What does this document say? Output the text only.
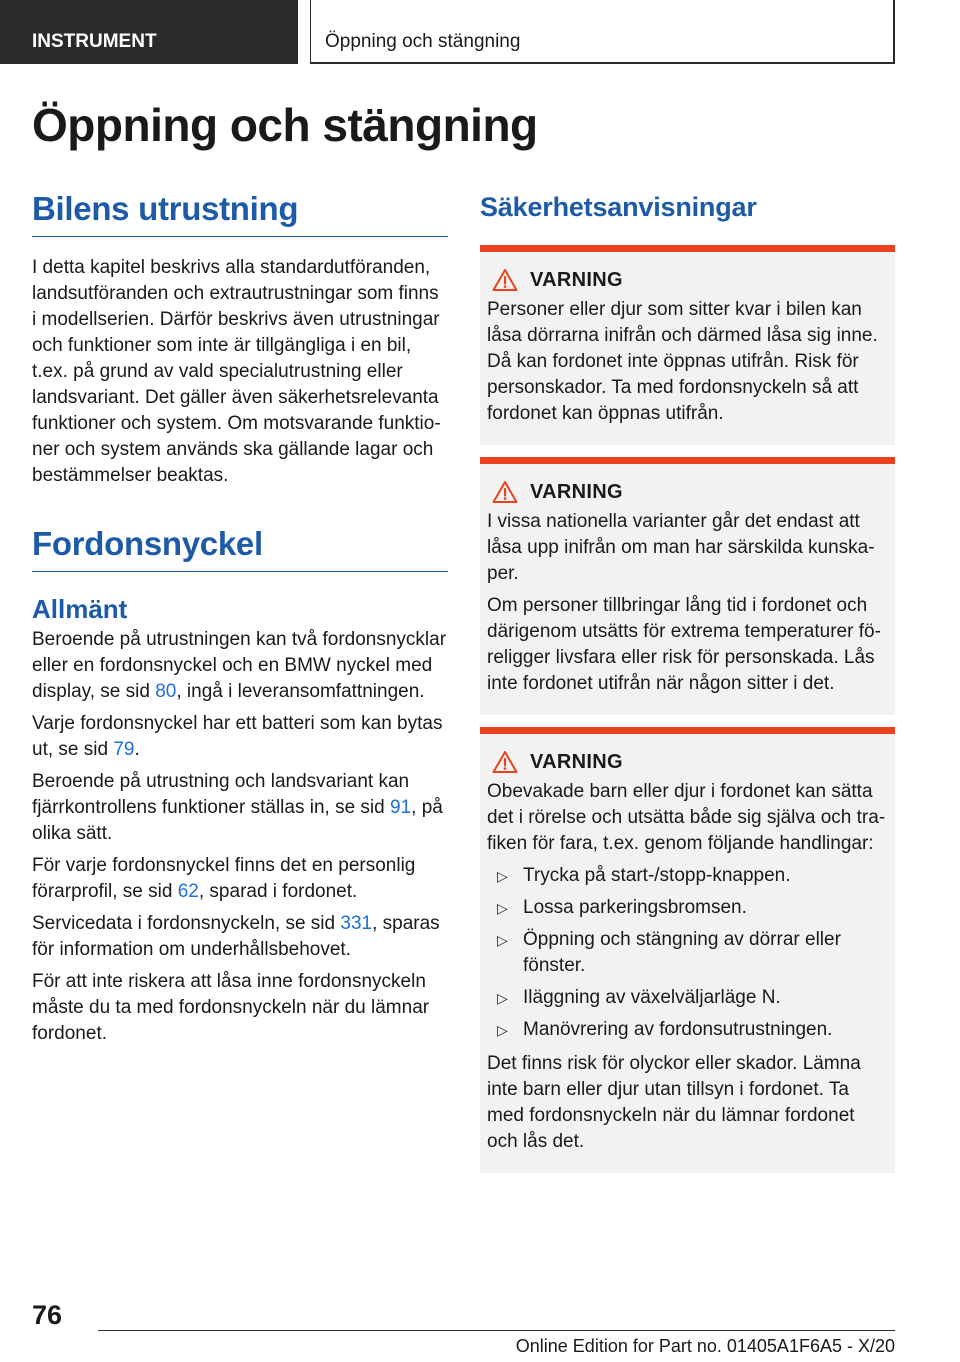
INSTRUMENT	Öppning och stängning
Öppning och stängning
Bilens utrustning

I detta kapitel beskrivs alla standardutföranden, landsutföranden och extrautrustningar som finns i modellserien. Därför beskrivs även utrustningar och funktioner som inte är tillgängliga i en bil, t.ex. på grund av vald specialutrustning eller landsvariant. Det gäller även säkerhetsrelevanta funktioner och system. Om motsvarande funktioner och system används ska gällande lagar och bestämmelser beaktas.

Fordonsnyckel
Allmänt

Beroende på utrustningen kan två fordonsnycklar eller en fordonsnyckel och en BMW nyckel med display, se sid 80, ingå i leveransomfattningen.

Varje fordonsnyckel har ett batteri som kan bytas ut, se sid 79.

Beroende på utrustning och landsvariant kan fjärrkontrollens funktioner ställas in, se sid 91, på olika sätt.

För varje fordonsnyckel finns det en personlig förarprofil, se sid 62, sparad i fordonet.

Servicedata i fordonsnyckeln, se sid 331, sparas för information om underhållsbehovet.

För att inte riskera att låsa inne fordonsnyckeln måste du ta med fordonsnyckeln när du lämnar fordonet.

Säkerhetsanvisningar
VARNING

Personer eller djur som sitter kvar i bilen kan låsa dörrarna inifrån och därmed låsa sig inne. Då kan fordonet inte öppnas utifrån. Risk för personskador. Ta med fordonsnyckeln så att fordonet kan öppnas utifrån.

VARNING

I vissa nationella varianter går det endast att låsa upp inifrån om man har särskilda kunskaper.

Om personer tillbringar lång tid i fordonet och därigenom utsätts för extrema temperaturer föreligger livsfara eller risk för personskada. Lås inte fordonet utifrån när någon sitter i det.

VARNING

Obevakade barn eller djur i fordonet kan sätta det i rörelse och utsätta både sig själva och trafiken för fara, t.ex. genom följande handlingar:

▷ Trycka på start-/stopp-knappen.
▷ Lossa parkeringsbromsen.
▷ Öppning och stängning av dörrar eller fönster.
▷ Iläggning av växelväljarläge N.
▷ Manövrering av fordonsutrustningen.

Det finns risk för olyckor eller skador. Lämna inte barn eller djur utan tillsyn i fordonet. Ta med fordonsnyckeln när du lämnar fordonet och lås det.

76
Online Edition for Part no. 01405A1F6A5 - X/20
